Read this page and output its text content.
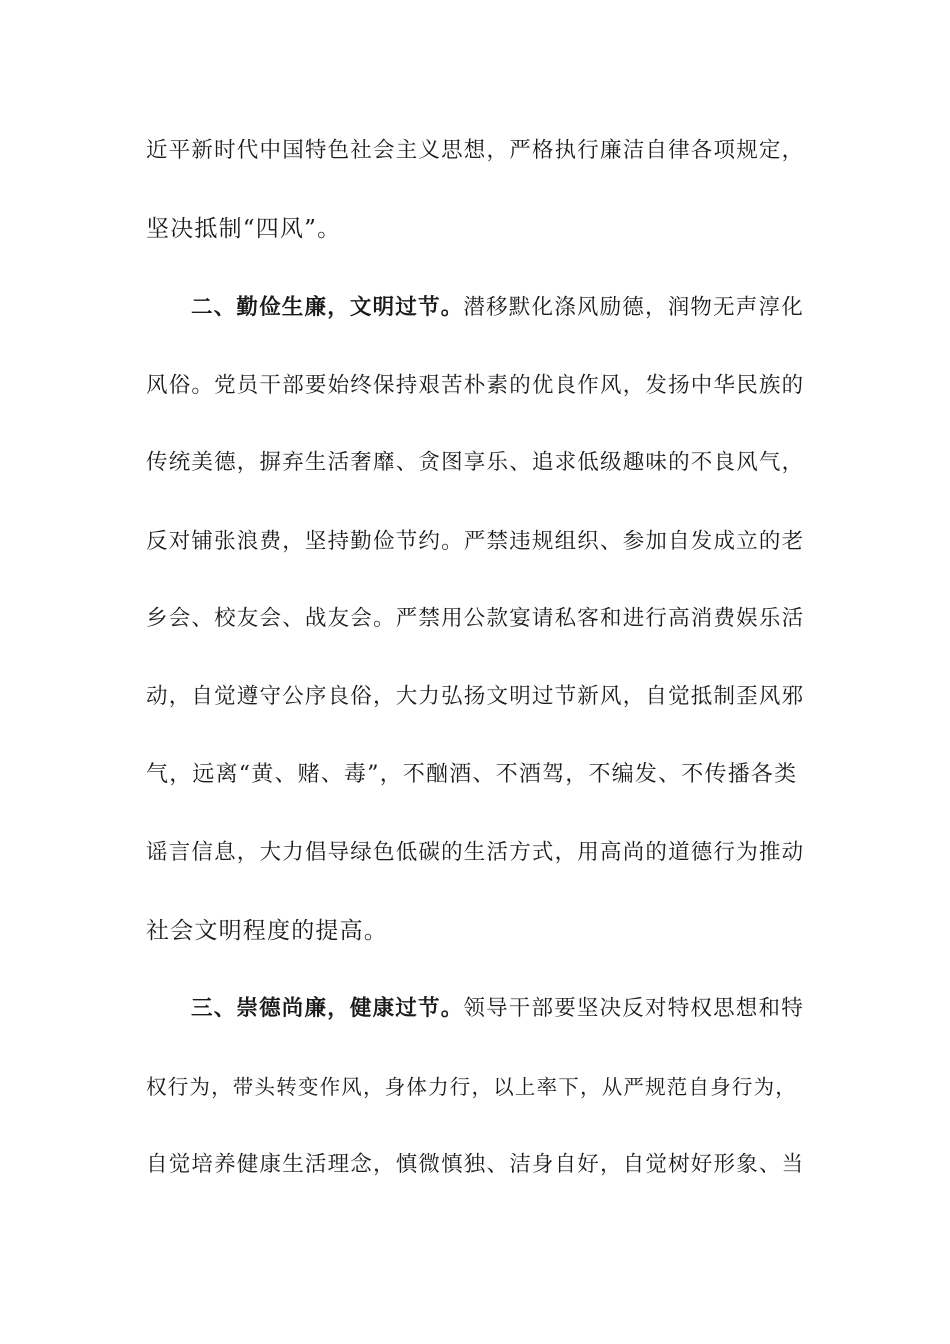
近平新时代中国特色社会主义思想，严格执行廉洁自律各项规定，
坚决抵制“四风”。
二、勤俭生廉，文明过节。潜移默化涤风励德，润物无声淳化
风俗。党员干部要始终保持艰苦朴素的优良作风，发扬中华民族的
传统美德，摒弃生活奢靡、贪图享乐、追求低级趣味的不良风气，
反对铺张浪费，坚持勤俭节约。严禁违规组织、参加自发成立的老
乡会、校友会、战友会。严禁用公款宴请私客和进行高消费娱乐活
动，自觉遵守公序良俗，大力弘扬文明过节新风，自觉抵制歪风邪
气，远离“黄、赌、毒”，不酗酒、不酒驾，不编发、不传播各类
谣言信息，大力倡导绿色低碳的生活方式，用高尚的道德行为推动
社会文明程度的提高。
三、崇德尚廉，健康过节。领导干部要坚决反对特权思想和特
权行为，带头转变作风，身体力行，以上率下，从严规范自身行为，
自觉培养健康生活理念，慎微慎独、洁身自好，自觉树好形象、当
